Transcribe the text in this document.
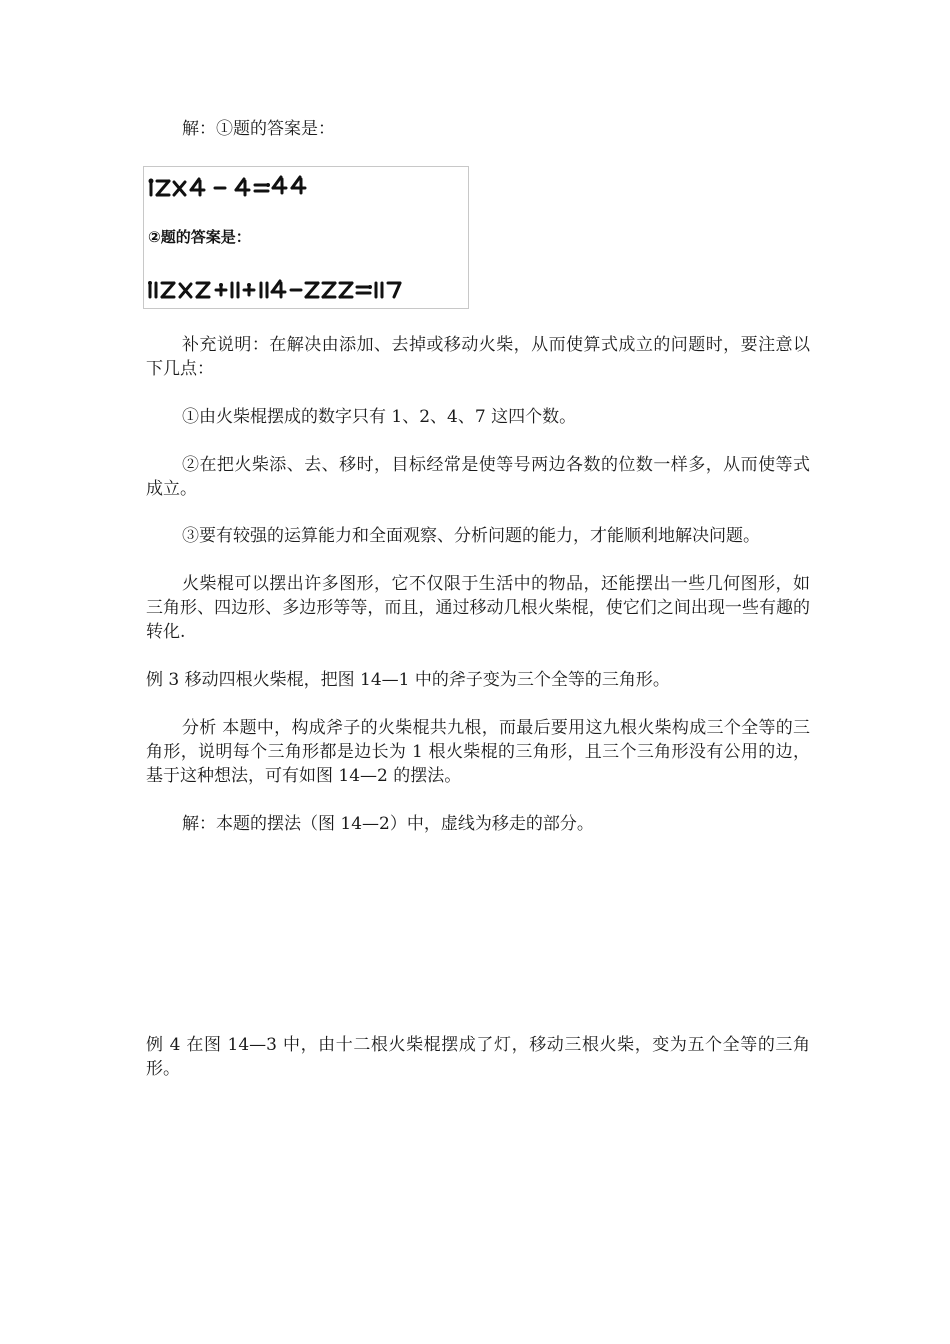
解：①题的答案是：

②题的答案是：

补充说明：在解决由添加、去掉或移动火柴，从而使算式成立的问题时，要注意以下几点：

①由火柴棍摆成的数字只有 1、2、4、7 这四个数。

②在把火柴添、去、移时，目标经常是使等号两边各数的位数一样多，从而使等式成立。

③要有较强的运算能力和全面观察、分析问题的能力，才能顺利地解决问题。

火柴棍可以摆出许多图形，它不仅限于生活中的物品，还能摆出一些几何图形，如三角形、四边形、多边形等等，而且，通过移动几根火柴棍，使它们之间出现一些有趣的转化.

例 3 移动四根火柴棍，把图 14—1 中的斧子变为三个全等的三角形。

分析 本题中，构成斧子的火柴棍共九根，而最后要用这九根火柴构成三个全等的三角形，说明每个三角形都是边长为 1 根火柴棍的三角形，且三个三角形没有公用的边，基于这种想法，可有如图 14—2 的摆法。

解：本题的摆法（图 14—2）中，虚线为移走的部分。

例 4 在图 14—3 中，由十二根火柴棍摆成了灯，移动三根火柴，变为五个全等的三角形。
